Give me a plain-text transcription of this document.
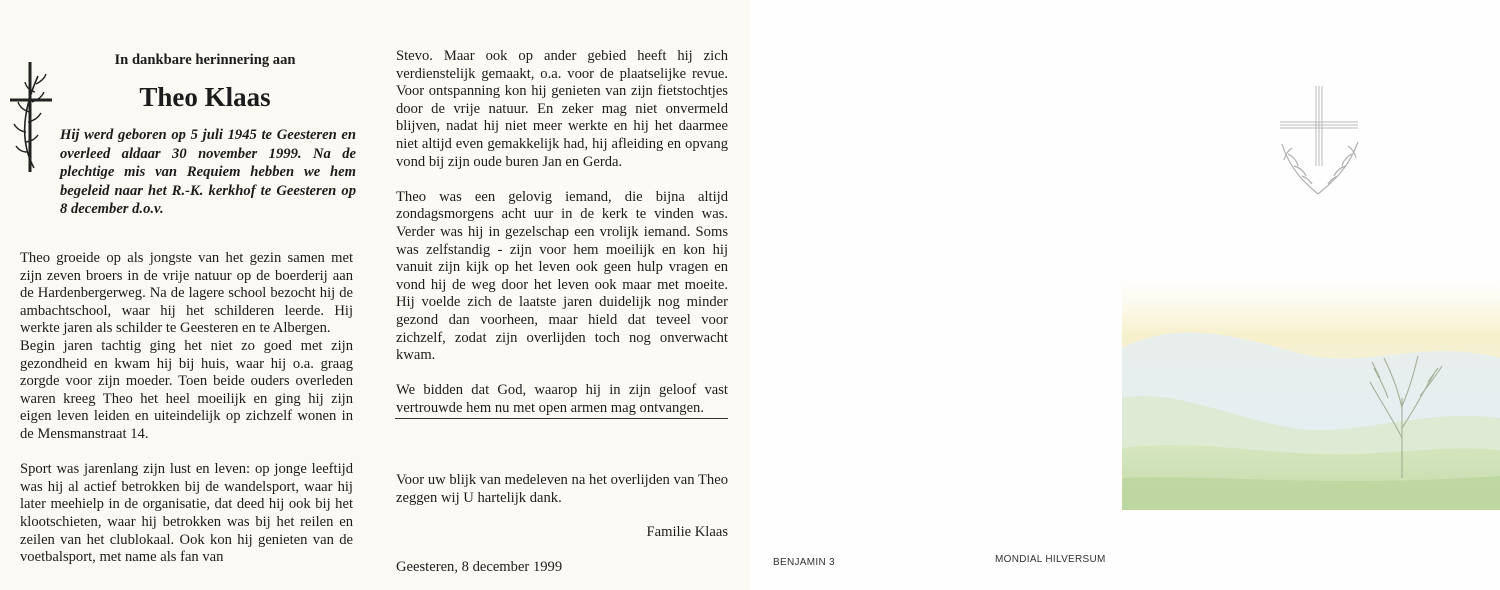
In dankbare herinnering aan
Theo Klaas
Hij werd geboren op 5 juli 1945 te Geesteren en overleed aldaar 30 november 1999. Na de plechtige mis van Requiem hebben we hem begeleid naar het R.-K. kerkhof te Geesteren op 8 december d.o.v.

Theo groeide op als jongste van het gezin samen met zijn zeven broers in de vrije natuur op de boerderij aan de Hardenbergerweg. Na de lagere school bezocht hij de ambachtschool, waar hij het schilderen leerde. Hij werkte jaren als schilder te Geesteren en te Albergen.

Begin jaren tachtig ging het niet zo goed met zijn gezondheid en kwam hij bij huis, waar hij o.a. graag zorgde voor zijn moeder. Toen beide ouders overleden waren kreeg Theo het heel moeilijk en ging hij zijn eigen leven leiden en uiteindelijk op zichzelf wonen in de Mensmanstraat 14.

Sport was jarenlang zijn lust en leven: op jonge leeftijd was hij al actief betrokken bij de wandelsport, waar hij later meehielp in de organisatie, dat deed hij ook bij het klootschieten, waar hij betrokken was bij het reilen en zeilen van het clublokaal. Ook kon hij genieten van de voetbalsport, met name als fan van

Stevo. Maar ook op ander gebied heeft hij zich verdienstelijk gemaakt, o.a. voor de plaatselijke revue. Voor ontspanning kon hij genieten van zijn fietstochtjes door de vrije natuur. En zeker mag niet onvermeld blijven, nadat hij niet meer werkte en hij het daarmee niet altijd even gemakkelijk had, hij afleiding en opvang vond bij zijn oude buren Jan en Gerda.

Theo was een gelovig iemand, die bijna altijd zondagsmorgens acht uur in de kerk te vinden was. Verder was hij in gezelschap een vrolijk iemand. Soms was zelfstandig - zijn voor hem moeilijk en kon hij vanuit zijn kijk op het leven ook geen hulp vragen en vond hij de weg door het leven ook maar met moeite. Hij voelde zich de laatste jaren duidelijk nog minder gezond dan voorheen, maar hield dat teveel voor zichzelf, zodat zijn overlijden toch nog onverwacht kwam.

We bidden dat God, waarop hij in zijn geloof vast vertrouwde hem nu met open armen mag ontvangen.

Voor uw blijk van medeleven na het overlijden van Theo zeggen wij U hartelijk dank.
Familie Klaas
Geesteren, 8 december 1999	BENJAMIN 3	MONDIAL HILVERSUM
